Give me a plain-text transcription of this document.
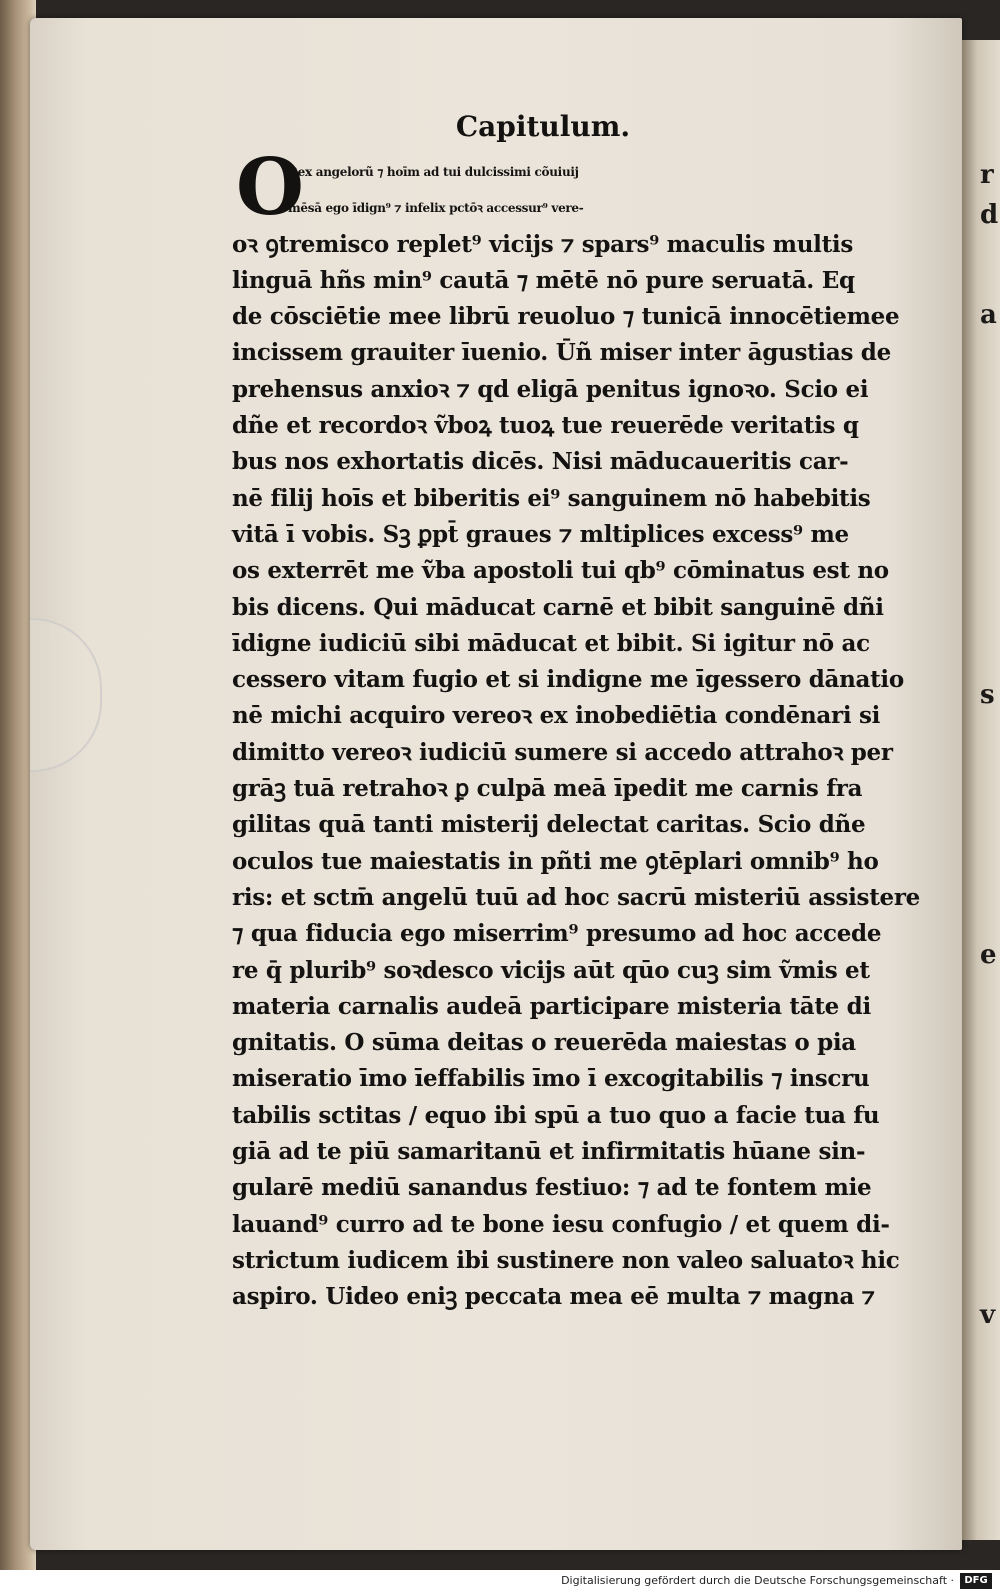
r
d
a
s
e
v
Capitulum.
O
Rex angelorũ ⁊ hoīm ad tui dulcissimi cõuiuij
mēsā ego īdign⁹ ⁊ infelix pctōꝛ accessur⁹ vere-
oꝛ ꝯtremisco replet⁹ vicijs ⁊ spars⁹ maculis multis
linguā hñs min⁹ cautā ⁊ mētē nō pure seruatā. Eq
de cōsciētie mee librū reuoluo ⁊ tunicā innocētiemee
incissem grauiter īuenio. Ūñ miser inter āgustias de
prehensus anxioꝛ ⁊ qd eligā penitus ignoꝛo. Scio ei
dñe et recordoꝛ ṽboꝝ tuoꝝ tue reuerēde veritatis q
bus nos exhortatis dicēs. Nisi māducaueritis car-
nē filij hoīs et biberitis ei⁹ sanguinem nō habebitis
vitā ī vobis. Sꝫ ꝑpt̄ graues ⁊ mltiplices excess⁹ me
os exterrēt me ṽba apostoli tui qb⁹ cōminatus est no
bis dicens. Qui māducat carnē et bibit sanguinē dñi
īdigne iudiciū sibi māducat et bibit. Si igitur nō ac
cessero vitam fugio et si indigne me īgessero dānatio
nē michi acquiro vereoꝛ ex inobediētia condēnari si
dimitto vereoꝛ iudiciū sumere si accedo attrahoꝛ per
grāꝫ tuā retrahoꝛ ꝑ culpā meā īpedit me carnis fra
gilitas quā tanti misterij delectat caritas. Scio dñe
oculos tue maiestatis in pñti me ꝯtēplari omnib⁹ ho
ris: et sctm̄ angelū tuū ad hoc sacrū misteriū assistere
⁊ qua fiducia ego miserrim⁹ presumo ad hoc accede
re q̄ plurib⁹ soꝛdesco vicijs aūt qūo cuꝫ sim ṽmis et
materia carnalis audeā participare misteria tāte di
gnitatis. O sūma deitas o reuerēda maiestas o pia
miseratio īmo īeffabilis īmo ī excogitabilis ⁊ inscru
tabilis sctitas / equo ibi spū a tuo quo a facie tua fu
giā ad te piū samaritanū et infirmitatis hūane sin-
gularē mediū sanandus festiuo: ⁊ ad te fontem mie
lauand⁹ curro ad te bone iesu confugio / et quem di-
strictum iudicem ibi sustinere non valeo saluatoꝛ hic
aspiro. Uideo eniꝫ peccata mea eē multa ⁊ magna ⁊
Digitalisierung gefördert durch die Deutsche Forschungsgemeinschaft ·	DFG
